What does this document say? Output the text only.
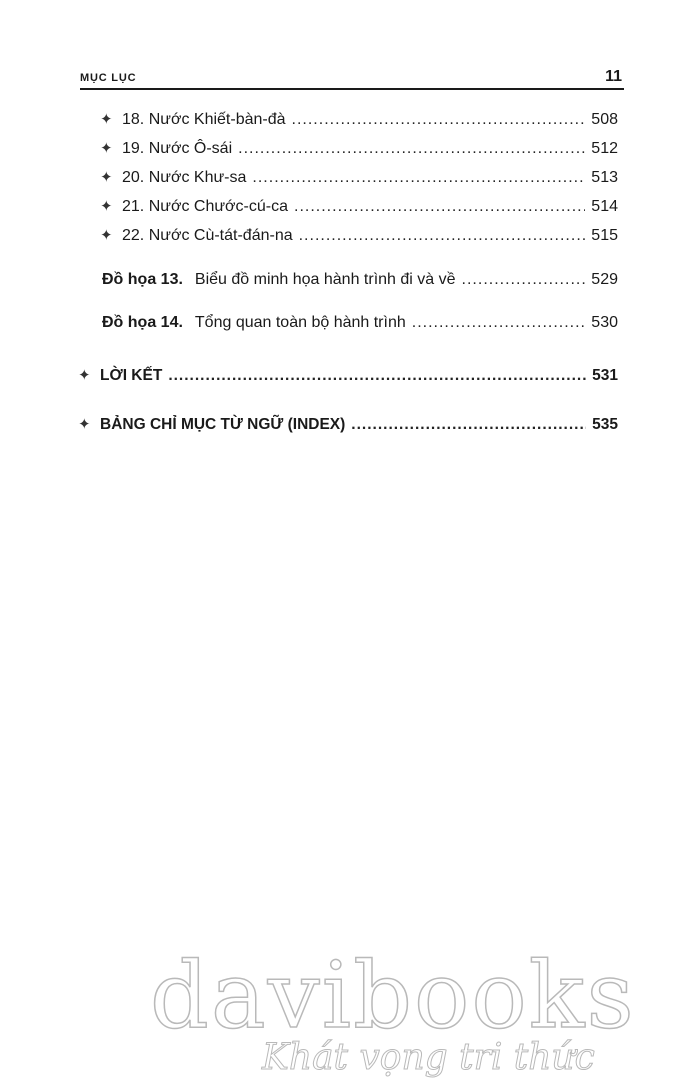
MỤC LỤC	11
✦ 18. Nước Khiết-bàn-đà .....	508
✦ 19. Nước Ô-sái .....	512
✦ 20. Nước Khư-sa .....	513
✦ 21. Nước Chước-cú-ca .....	514
✦ 22. Nước Cù-tát-đán-na .....	515
Đồ họa 13. Biểu đồ minh họa hành trình đi và về .....	529
Đồ họa 14. Tổng quan toàn bộ hành trình .....	530
✦ LỜI KẾT .....	531
✦ BẢNG CHỈ MỤC TỪ NGỮ (INDEX) .....	535
davibooks
Khát vọng tri thức
